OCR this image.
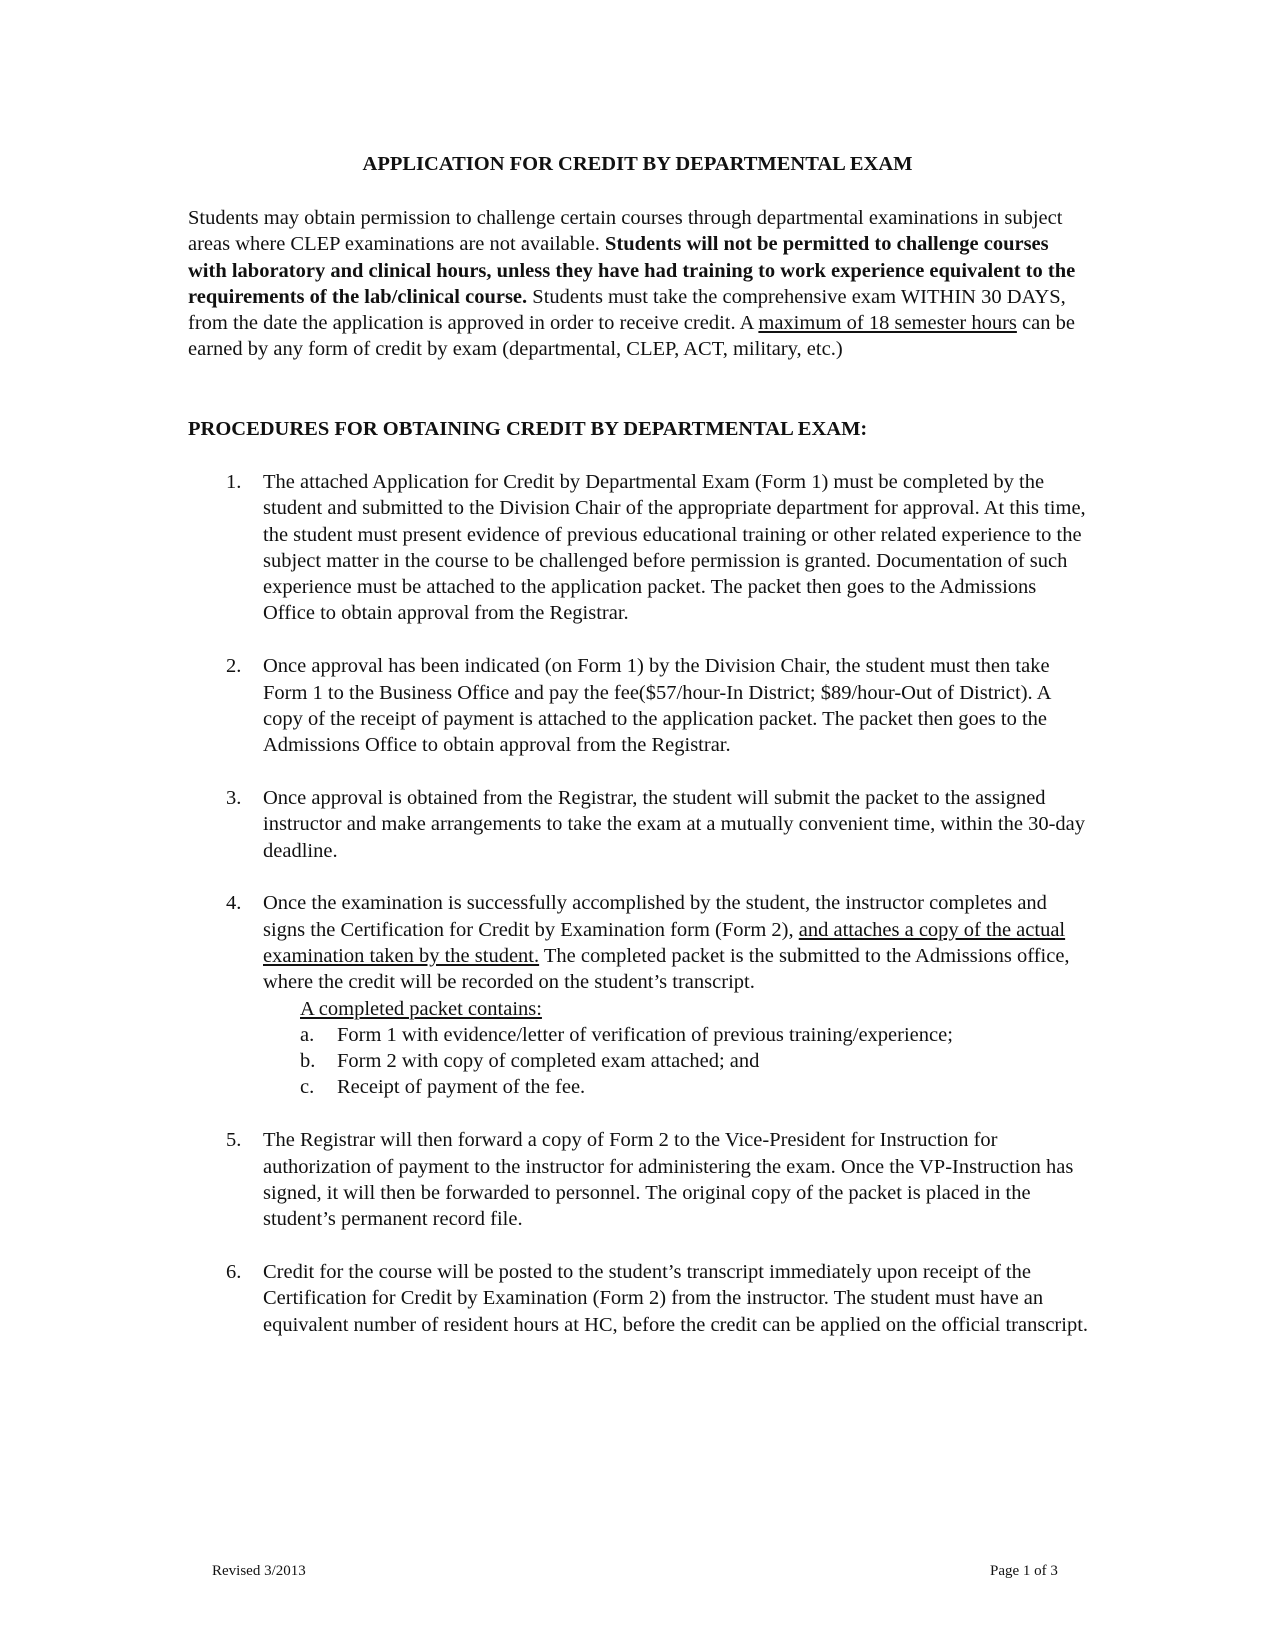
APPLICATION FOR CREDIT BY DEPARTMENTAL EXAM

Students may obtain permission to challenge certain courses through departmental examinations in subject areas where CLEP examinations are not available. Students will not be permitted to challenge courses with laboratory and clinical hours, unless they have had training to work experience equivalent to the requirements of the lab/clinical course. Students must take the comprehensive exam WITHIN 30 DAYS, from the date the application is approved in order to receive credit. A maximum of 18 semester hours can be earned by any form of credit by exam (departmental, CLEP, ACT, military, etc.)

PROCEDURES FOR OBTAINING CREDIT BY DEPARTMENTAL EXAM:
1. The attached Application for Credit by Departmental Exam (Form 1) must be completed by the student and submitted to the Division Chair of the appropriate department for approval. At this time, the student must present evidence of previous educational training or other related experience to the subject matter in the course to be challenged before permission is granted. Documentation of such experience must be attached to the application packet. The packet then goes to the Admissions Office to obtain approval from the Registrar.
2. Once approval has been indicated (on Form 1) by the Division Chair, the student must then take Form 1 to the Business Office and pay the fee($57/hour-In District; $89/hour-Out of District). A copy of the receipt of payment is attached to the application packet. The packet then goes to the Admissions Office to obtain approval from the Registrar.
3. Once approval is obtained from the Registrar, the student will submit the packet to the assigned instructor and make arrangements to take the exam at a mutually convenient time, within the 30-day deadline.
4. Once the examination is successfully accomplished by the student, the instructor completes and signs the Certification for Credit by Examination form (Form 2), and attaches a copy of the actual examination taken by the student. The completed packet is the submitted to the Admissions office, where the credit will be recorded on the student’s transcript.
A completed packet contains:
a. Form 1 with evidence/letter of verification of previous training/experience;
b. Form 2 with copy of completed exam attached; and
c. Receipt of payment of the fee.
5. The Registrar will then forward a copy of Form 2 to the Vice-President for Instruction for authorization of payment to the instructor for administering the exam. Once the VP-Instruction has signed, it will then be forwarded to personnel. The original copy of the packet is placed in the student’s permanent record file.
6. Credit for the course will be posted to the student’s transcript immediately upon receipt of the Certification for Credit by Examination (Form 2) from the instructor. The student must have an equivalent number of resident hours at HC, before the credit can be applied on the official transcript.
Revised 3/2013	Page 1 of 3
